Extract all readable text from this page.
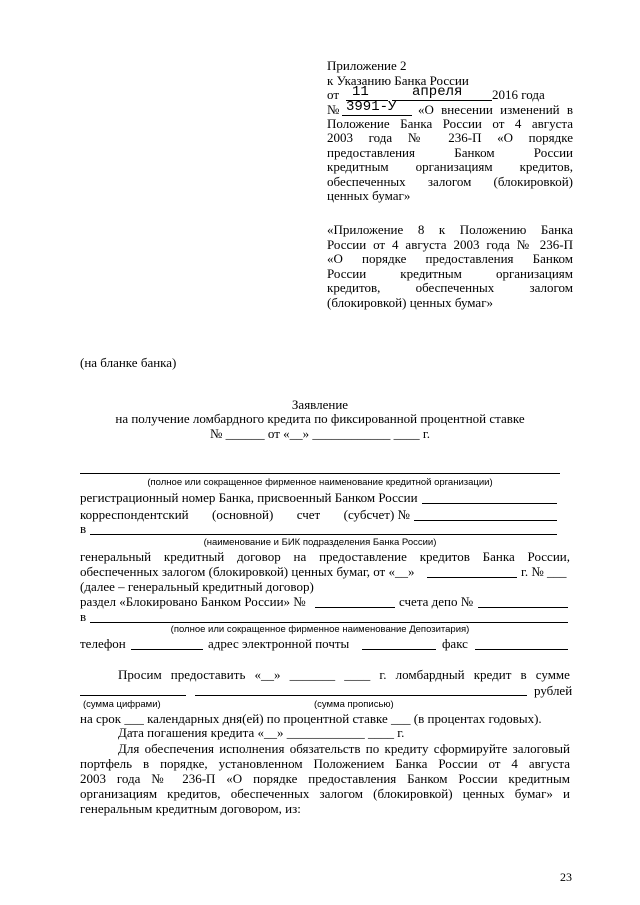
Приложение 2
к Указанию Банка России
от 11	апреля 2016 года
№ 3991-У «О внесении изменений в
Положение Банка России от 4 августа
2003 года № 236-П «О порядке
предоставления Банком России
кредитным организациям кредитов,
обеспеченных залогом (блокировкой)
ценных бумаг»
«Приложение 8 к Положению Банка
России от 4 августа 2003 года № 236-П
«О порядке предоставления Банком
России кредитным организациям
кредитов, обеспеченных залогом
(блокировкой) ценных бумаг»
(на бланке банка)
Заявление
на получение ломбардного кредита по фиксированной процентной ставке
№ ______ от «__» ____________ ____ г.
(полное или сокращенное фирменное наименование кредитной организации)
регистрационный номер Банка, присвоенный Банком России
корреспондентский (основной) счет (субсчет) №
в
(наименование и БИК подразделения Банка России)
генеральный кредитный договор на предоставление кредитов Банка России,
обеспеченных залогом (блокировкой) ценных бумаг, от «__»	г. № ___
(далее – генеральный кредитный договор)
раздел «Блокировано Банком России» №	счета депо №
в
(полное или сокращенное фирменное наименование Депозитария)
телефон	адрес электронной почты	факс
Просим предоставить «__» _______ ____ г. ломбардный кредит в сумме
рублей
(сумма цифрами)	(сумма прописью)
на срок ___ календарных дня(ей) по процентной ставке ___ (в процентах годовых).
Дата погашения кредита «__» ____________ ____ г.
Для обеспечения исполнения обязательств по кредиту сформируйте залоговый
портфель в порядке, установленном Положением Банка России от 4 августа
2003 года № 236-П «О порядке предоставления Банком России кредитным
организациям кредитов, обеспеченных залогом (блокировкой) ценных бумаг» и
генеральным кредитным договором, из:
23
